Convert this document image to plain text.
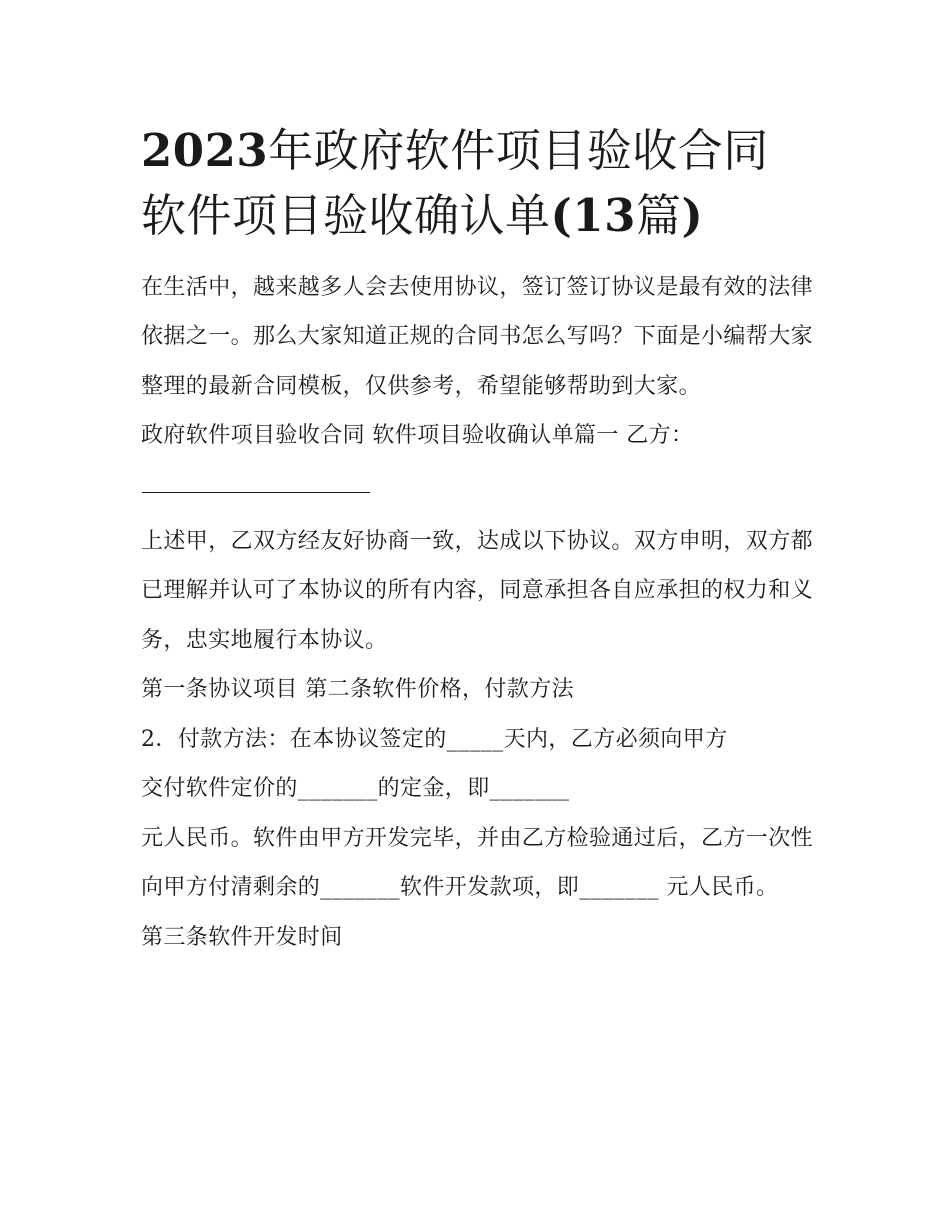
2023年政府软件项目验收合同
软件项目验收确认单(13篇)

在生活中，越来越多人会去使用协议，签订签订协议是最有效的法律依据之一。那么大家知道正规的合同书怎么写吗？下面是小编帮大家整理的最新合同模板，仅供参考，希望能够帮助到大家。

政府软件项目验收合同 软件项目验收确认单篇一 乙方：

上述甲，乙双方经友好协商一致，达成以下协议。双方申明，双方都已理解并认可了本协议的所有内容，同意承担各自应承担的权力和义务，忠实地履行本协议。

第一条协议项目 第二条软件价格，付款方法

2．付款方法：在本协议签定的_____天内，乙方必须向甲方
交付软件定价的_______的定金，即_______

元人民币。软件由甲方开发完毕，并由乙方检验通过后，乙方一次性向甲方付清剩余的_______软件开发款项，即_______ 元人民币。

第三条软件开发时间
